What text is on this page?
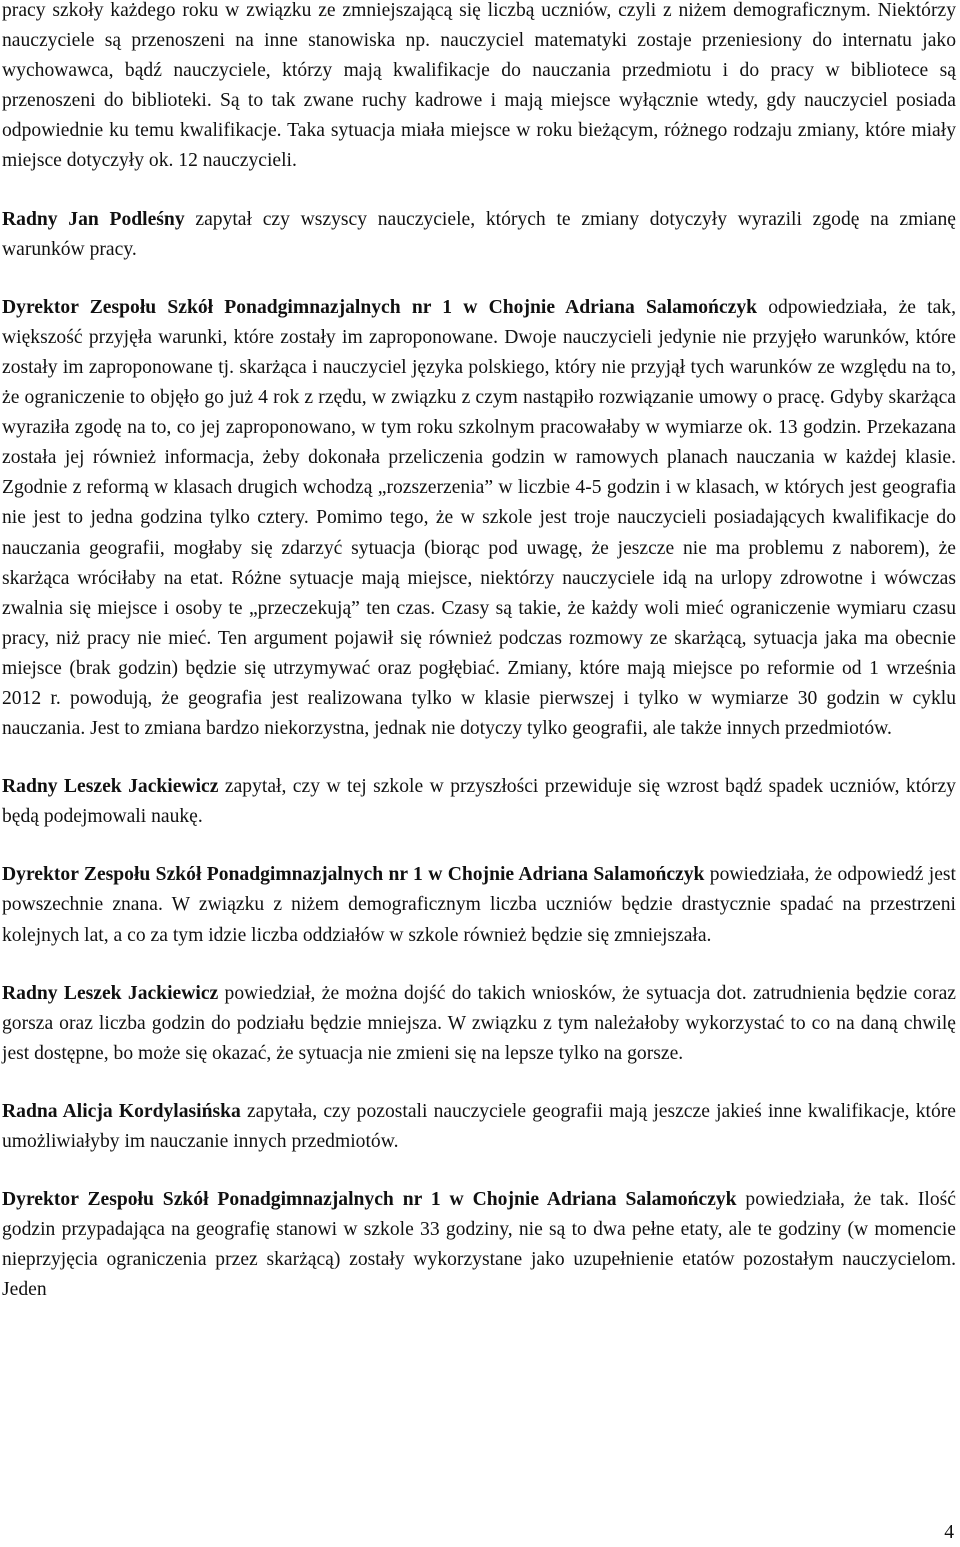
pracy szkoły każdego roku w związku ze zmniejszającą się liczbą uczniów, czyli z niżem demograficznym. Niektórzy nauczyciele są przenoszeni na inne stanowiska np. nauczyciel matematyki zostaje przeniesiony do internatu jako wychowawca, bądź nauczyciele, którzy mają kwalifikacje do nauczania przedmiotu i do pracy w bibliotece są przenoszeni do biblioteki. Są to tak zwane ruchy kadrowe i mają miejsce wyłącznie wtedy, gdy nauczyciel posiada odpowiednie ku temu kwalifikacje. Taka sytuacja miała miejsce w roku bieżącym, różnego rodzaju zmiany, które miały miejsce dotyczyły ok. 12 nauczycieli.

Radny Jan Podleśny zapytał czy wszyscy nauczyciele, których te zmiany dotyczyły wyrazili zgodę na zmianę warunków pracy.

Dyrektor Zespołu Szkół Ponadgimnazjalnych nr 1 w Chojnie Adriana Salamończyk odpowiedziała, że tak, większość przyjęła warunki, które zostały im zaproponowane. Dwoje nauczycieli jedynie nie przyjęło warunków, które zostały im zaproponowane tj. skarżąca i nauczyciel języka polskiego, który nie przyjął tych warunków ze względu na to, że ograniczenie to objęło go już 4 rok z rzędu, w związku z czym nastąpiło rozwiązanie umowy o pracę. Gdyby skarżąca wyraziła zgodę na to, co jej zaproponowano, w tym roku szkolnym pracowałaby w wymiarze ok. 13 godzin. Przekazana została jej również informacja, żeby dokonała przeliczenia godzin w ramowych planach nauczania w każdej klasie. Zgodnie z reformą w klasach drugich wchodzą „rozszerzenia” w liczbie 4-5 godzin i w klasach, w których jest geografia nie jest to jedna godzina tylko cztery. Pomimo tego, że w szkole jest troje nauczycieli posiadających kwalifikacje do nauczania geografii, mogłaby się zdarzyć sytuacja (biorąc pod uwagę, że jeszcze nie ma problemu z naborem), że skarżąca wróciłaby na etat. Różne sytuacje mają miejsce, niektórzy nauczyciele idą na urlopy zdrowotne i wówczas zwalnia się miejsce i osoby te „przeczekują” ten czas. Czasy są takie, że każdy woli mieć ograniczenie wymiaru czasu pracy, niż pracy nie mieć. Ten argument pojawił się również podczas rozmowy ze skarżącą, sytuacja jaka ma obecnie miejsce (brak godzin) będzie się utrzymywać oraz pogłębiać. Zmiany, które mają miejsce po reformie od 1 września 2012 r. powodują, że geografia jest realizowana tylko w klasie pierwszej i tylko w wymiarze 30 godzin w cyklu nauczania. Jest to zmiana bardzo niekorzystna, jednak nie dotyczy tylko geografii, ale także innych przedmiotów.

Radny Leszek Jackiewicz zapytał, czy w tej szkole w przyszłości przewiduje się wzrost bądź spadek uczniów, którzy będą podejmowali naukę.

Dyrektor Zespołu Szkół Ponadgimnazjalnych nr 1 w Chojnie Adriana Salamończyk powiedziała, że odpowiedź jest powszechnie znana. W związku z niżem demograficznym liczba uczniów będzie drastycznie spadać na przestrzeni kolejnych lat, a co za tym idzie liczba oddziałów w szkole również będzie się zmniejszała.

Radny Leszek Jackiewicz powiedział, że można dojść do takich wniosków, że sytuacja dot. zatrudnienia będzie coraz gorsza oraz liczba godzin do podziału będzie mniejsza. W związku z tym należałoby wykorzystać to co na daną chwilę jest dostępne, bo może się okazać, że sytuacja nie zmieni się na lepsze tylko na gorsze.

Radna Alicja Kordylasińska zapytała, czy pozostali nauczyciele geografii mają jeszcze jakieś inne kwalifikacje, które umożliwiałyby im nauczanie innych przedmiotów.

Dyrektor Zespołu Szkół Ponadgimnazjalnych nr 1 w Chojnie Adriana Salamończyk powiedziała, że tak. Ilość godzin przypadająca na geografię stanowi w szkole 33 godziny, nie są to dwa pełne etaty, ale te godziny (w momencie nieprzyjęcia ograniczenia przez skarżącą) zostały wykorzystane jako uzupełnienie etatów pozostałym nauczycielom. Jeden

4
